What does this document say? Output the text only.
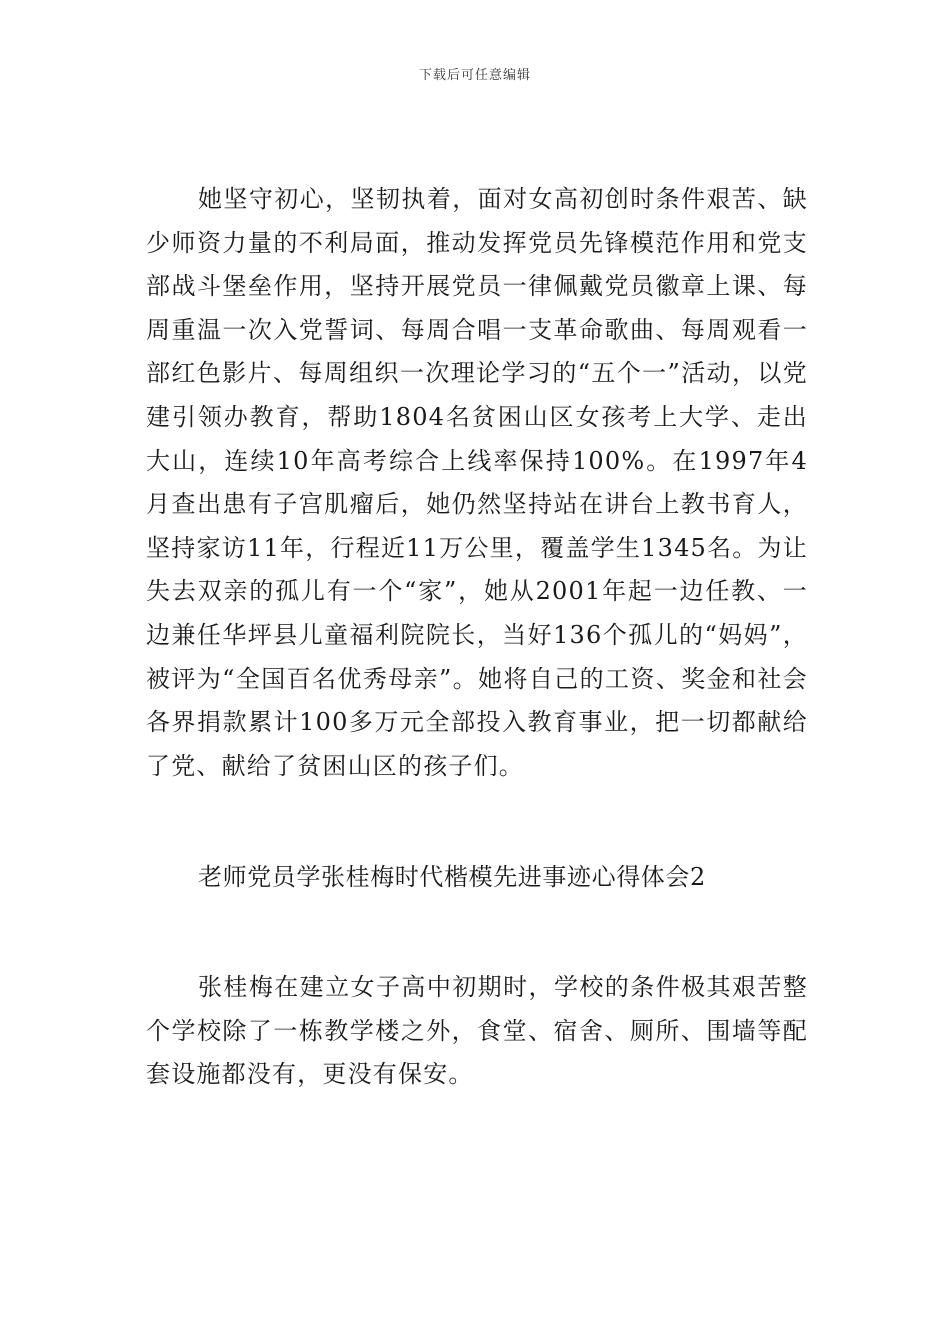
下载后可任意编辑

她坚守初心，坚韧执着，面对女高初创时条件艰苦、缺少师资力量的不利局面，推动发挥党员先锋模范作用和党支部战斗堡垒作用，坚持开展党员一律佩戴党员徽章上课、每周重温一次入党誓词、每周合唱一支革命歌曲、每周观看一部红色影片、每周组织一次理论学习的“五个一”活动，以党建引领办教育，帮助1804名贫困山区女孩考上大学、走出大山，连续10年高考综合上线率保持100%。在1997年4月查出患有子宫肌瘤后，她仍然坚持站在讲台上教书育人，坚持家访11年，行程近11万公里，覆盖学生1345名。为让失去双亲的孤儿有一个“家”，她从2001年起一边任教、一边兼任华坪县儿童福利院院长，当好136个孤儿的“妈妈”，被评为“全国百名优秀母亲”。她将自己的工资、奖金和社会各界捐款累计100多万元全部投入教育事业，把一切都献给了党、献给了贫困山区的孩子们。

老师党员学张桂梅时代楷模先进事迹心得体会2

张桂梅在建立女子高中初期时，学校的条件极其艰苦整个学校除了一栋教学楼之外，食堂、宿舍、厕所、围墙等配套设施都没有，更没有保安。
